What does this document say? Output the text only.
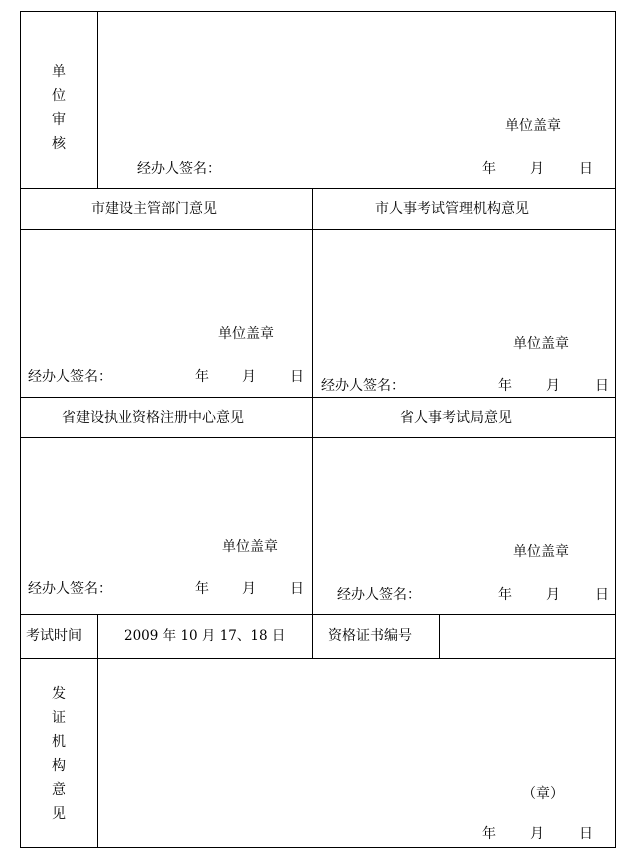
单
位
审
核
单位盖章
经办人签名：	年 月	日
市建设主管部门意见	市人事考试管理机构意见
单位盖章
经办人签名：	年 月 日
单位盖章
经办人签名：	年 月	日
省建设执业资格注册中心意见	省人事考试局意见
单位盖章
经办人签名：	年 月 日
单位盖章
经办人签名：	年 月	日
考试时间	2009 年 10 月 17、18 日	资格证书编号
发
证
机
构
意
见
（章）
年 月	日
